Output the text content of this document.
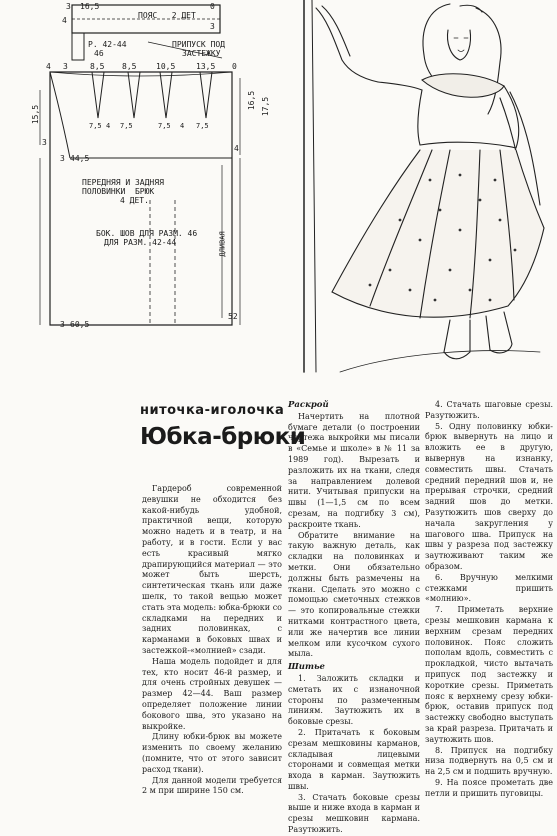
3 16,5
ПОЯС   2 ДЕТ
0
3
4
Р. 42-44
46
ПРИПУСК ПОД
ЗАСТЕЖКУ
4 3	8,5 8,5 10,5	13,5 0
7,5 4 7,5	7,5 4 7,5
15,5
3
16,5 17,5
3 44,5
4
ПЕРЕДНЯЯ И ЗАДНЯЯ
ПОЛОВИНКИ  БРЮК
4 ДЕТ.
БОК. ШОВ ДЛЯ РАЗМ. 46
ДЛЯ РАЗМ. 42-44	ДЛИВАЯ
3 60,5
52
ниточка-иголочка
Юбка-брюки

Гардероб современной девушки не обходится без какой-нибудь удобной, практичной вещи, которую можно надеть и в театр, и на работу, и в гости. Если у вас есть красивый мягко драпирующийся материал — это может быть шерсть, синтетическая ткань или даже шелк, то такой вещью может стать эта модель: юбка-брюки со складками на передних и задних половинках, с карманами в боковых швах и застежкой-«молнией» сзади.

Наша модель подойдет и для тех, кто носит 46-й размер, и для очень стройных девушек — размер 42—44. Ваш размер определяет положение линии бокового шва, это указано на выкройке.

Длину юбки-брюк вы можете изменить по своему желанию (помните, что от этого зависит расход ткани).

Для данной модели требуется 2 м при ширине 150 см.

Раскрой

Начертить на плотной бумаге детали (о построении чертежа выкройки мы писали в «Семье и школе» в № 11 за 1989 год). Вырезать и разложить их на ткани, следя за направлением долевой нити. Учитывая припуски на швы (1—1,5 см по всем срезам, на подгибку 3 см), раскроите ткань.

Обратите внимание на такую важную деталь, как складки на половинках и метки. Они обязательно должны быть размечены на ткани. Сделать это можно с помощью сметочных стежков — это копировальные стежки нитками контрастного цвета, или же начертив все линии мелком или кусочком сухого мыла.

Шитье

1. Заложить складки и сметать их с изнаночной стороны по размеченным линиям. Заутюжить их в боковые срезы.

2. Притачать к боковым срезам мешковины карманов, складывая лицевыми сторонами и совмещая метки входа в карман. Заутюжить швы.

3. Стачать боковые срезы выше и ниже входа в карман и срезы мешковин кармана. Разутюжить.

4. Стачать шаговые срезы. Разутюжить.

5. Одну половинку юбки-брюк вывернуть на лицо и вложить ее в другую, вывернув на изнанку, совместить швы. Стачать средний передний шов и, не прерывая строчки, средний задний шов до метки. Разутюжить шов сверху до начала закругления у шагового шва. Припуск на швы у разреза под застежку заутюживают таким же образом.

6. Вручную мелкими стежками пришить «молнию».

7. Приметать верхние срезы мешковин кармана к верхним срезам передних половинок. Пояс сложить пополам вдоль, совместить с прокладкой, чисто вытачать припуск под застежку и короткие срезы. Приметать пояс к верхнему срезу юбки-брюк, оставив припуск под застежку свободно выступать за край разреза. Притачать и заутюжить шов.

8. Припуск на подгибку низа подвернуть на 0,5 см и на 2,5 см и подшить вручную.

9. На поясе прометать две петли и пришить пуговицы.
